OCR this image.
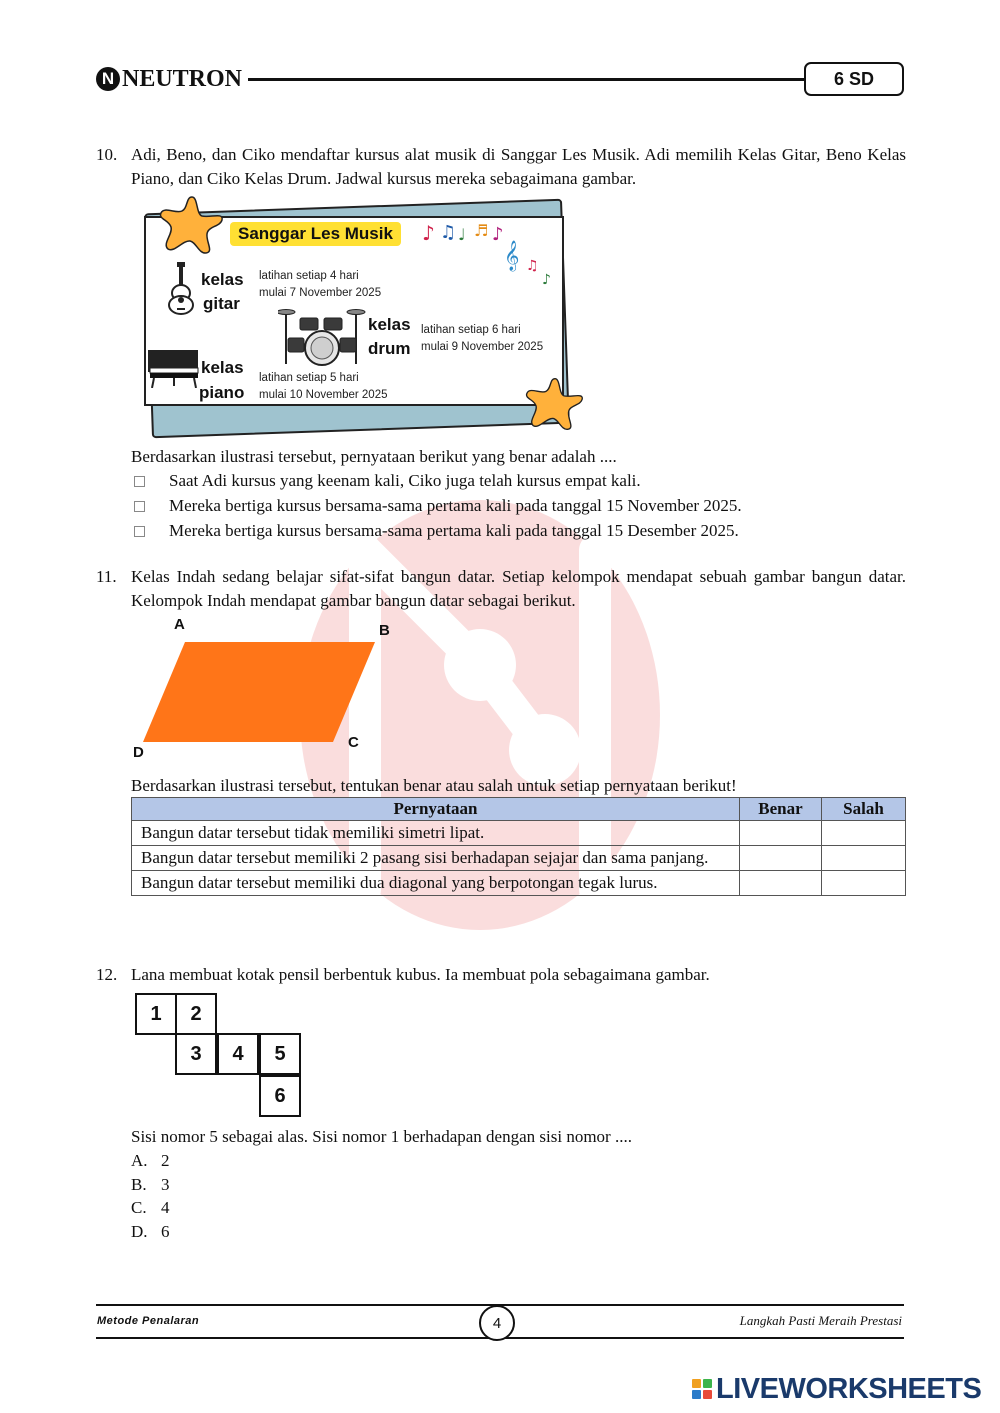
N NEUTRON	6 SD
10. Adi, Beno, dan Ciko mendaftar kursus alat musik di Sanggar Les Musik. Adi memilih Kelas Gitar, Beno Kelas Piano, dan Ciko Kelas Drum. Jadwal kursus mereka sebagaimana gambar.
Sanggar Les Musik	♪ ♫ ♩ ♬ ♪
𝄞 ♫
♪
kelas
gitar
latihan setiap 4 hari
mulai 7 November 2025
kelas
drum
latihan setiap 6 hari
mulai 9 November 2025
kelas
piano
latihan setiap 5 hari
mulai 10 November 2025
Berdasarkan ilustrasi tersebut, pernyataan berikut yang benar adalah ....
Saat Adi kursus yang keenam kali, Ciko juga telah kursus empat kali.
Mereka bertiga kursus bersama-sama pertama kali pada tanggal 15 November 2025.
Mereka bertiga kursus bersama-sama pertama kali pada tanggal 15 Desember 2025.
11. Kelas Indah sedang belajar sifat-sifat bangun datar. Setiap kelompok mendapat sebuah gambar bangun datar. Kelompok Indah mendapat gambar bangun datar sebagai berikut.
A	B
C
D
Berdasarkan ilustrasi tersebut, tentukan benar atau salah untuk setiap pernyataan berikut!
Pernyataan	Benar	Salah
Bangun datar tersebut tidak memiliki simetri lipat.		
Bangun datar tersebut memiliki 2 pasang sisi berhadapan sejajar dan sama panjang.		
Bangun datar tersebut memiliki dua diagonal yang berpotongan tegak lurus.		
12. Lana membuat kotak pensil berbentuk kubus. Ia membuat pola sebagaimana gambar.
1	2
3	4	5
6
Sisi nomor 5 sebagai alas. Sisi nomor 1 berhadapan dengan sisi nomor ....
A. 2
B. 3
C. 4
D. 6
Metode Penalaran	4	Langkah Pasti Meraih Prestasi
LIVEWORKSHEETS
